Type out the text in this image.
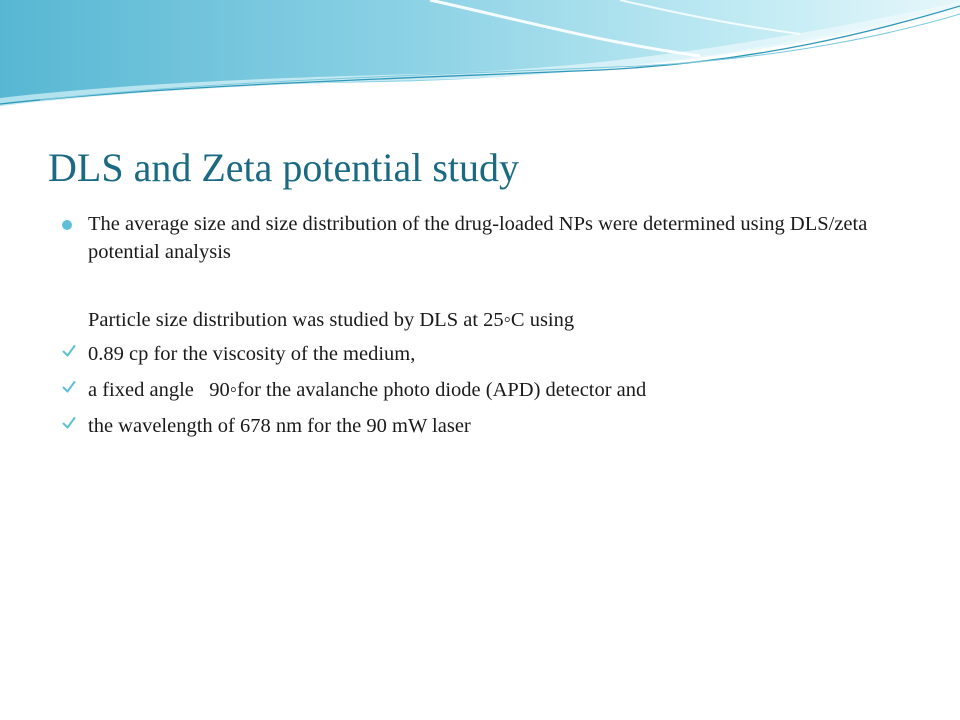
DLS and Zeta potential study
The average size and size distribution of the drug-loaded NPs were determined using DLS/zeta potential analysis
Particle size distribution was studied by DLS at 25◦C using
0.89 cp for the viscosity of the medium,
a fixed angle   90◦for the avalanche photo diode (APD) detector and
the wavelength of 678 nm for the 90 mW laser
